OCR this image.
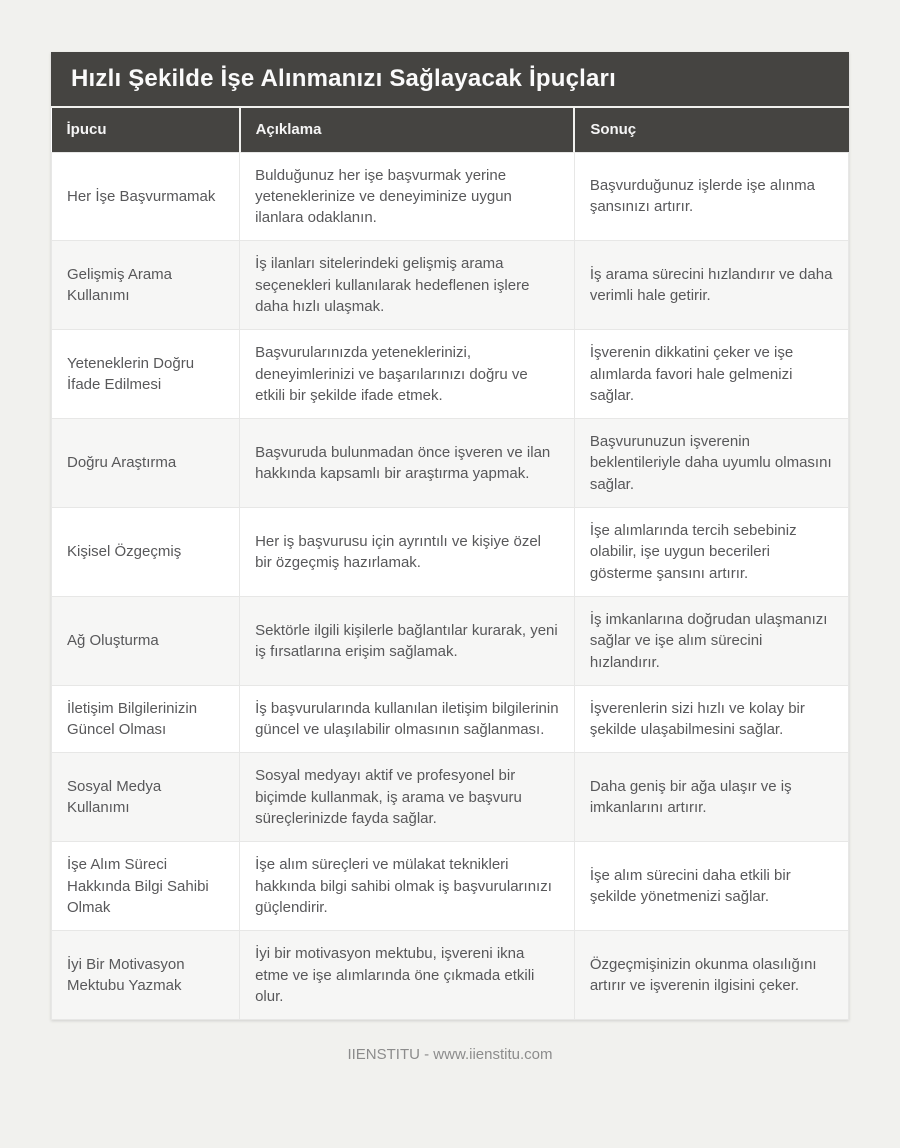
Hızlı Şekilde İşe Alınmanızı Sağlayacak İpuçları
İpucu	Açıklama	Sonuç
Her İşe Başvurmamak	Bulduğunuz her işe başvurmak yerine yeteneklerinize ve deneyiminize uygun ilanlara odaklanın.	Başvurduğunuz işlerde işe alınma şansınızı artırır.
Gelişmiş Arama Kullanımı	İş ilanları sitelerindeki gelişmiş arama seçenekleri kullanılarak hedeflenen işlere daha hızlı ulaşmak.	İş arama sürecini hızlandırır ve daha verimli hale getirir.
Yeteneklerin Doğru İfade Edilmesi	Başvurularınızda yeteneklerinizi, deneyimlerinizi ve başarılarınızı doğru ve etkili bir şekilde ifade etmek.	İşverenin dikkatini çeker ve işe alımlarda favori hale gelmenizi sağlar.
Doğru Araştırma	Başvuruda bulunmadan önce işveren ve ilan hakkında kapsamlı bir araştırma yapmak.	Başvurunuzun işverenin beklentileriyle daha uyumlu olmasını sağlar.
Kişisel Özgeçmiş	Her iş başvurusu için ayrıntılı ve kişiye özel bir özgeçmiş hazırlamak.	İşe alımlarında tercih sebebiniz olabilir, işe uygun becerileri gösterme şansını artırır.
Ağ Oluşturma	Sektörle ilgili kişilerle bağlantılar kurarak, yeni iş fırsatlarına erişim sağlamak.	İş imkanlarına doğrudan ulaşmanızı sağlar ve işe alım sürecini hızlandırır.
İletişim Bilgilerinizin Güncel Olması	İş başvurularında kullanılan iletişim bilgilerinin güncel ve ulaşılabilir olmasının sağlanması.	İşverenlerin sizi hızlı ve kolay bir şekilde ulaşabilmesini sağlar.
Sosyal Medya Kullanımı	Sosyal medyayı aktif ve profesyonel bir biçimde kullanmak, iş arama ve başvuru süreçlerinizde fayda sağlar.	Daha geniş bir ağa ulaşır ve iş imkanlarını artırır.
İşe Alım Süreci Hakkında Bilgi Sahibi Olmak	İşe alım süreçleri ve mülakat teknikleri hakkında bilgi sahibi olmak iş başvurularınızı güçlendirir.	İşe alım sürecini daha etkili bir şekilde yönetmenizi sağlar.
İyi Bir Motivasyon Mektubu Yazmak	İyi bir motivasyon mektubu, işvereni ikna etme ve işe alımlarında öne çıkmada etkili olur.	Özgeçmişinizin okunma olasılığını artırır ve işverenin ilgisini çeker.
IIENSTITU - www.iienstitu.com
